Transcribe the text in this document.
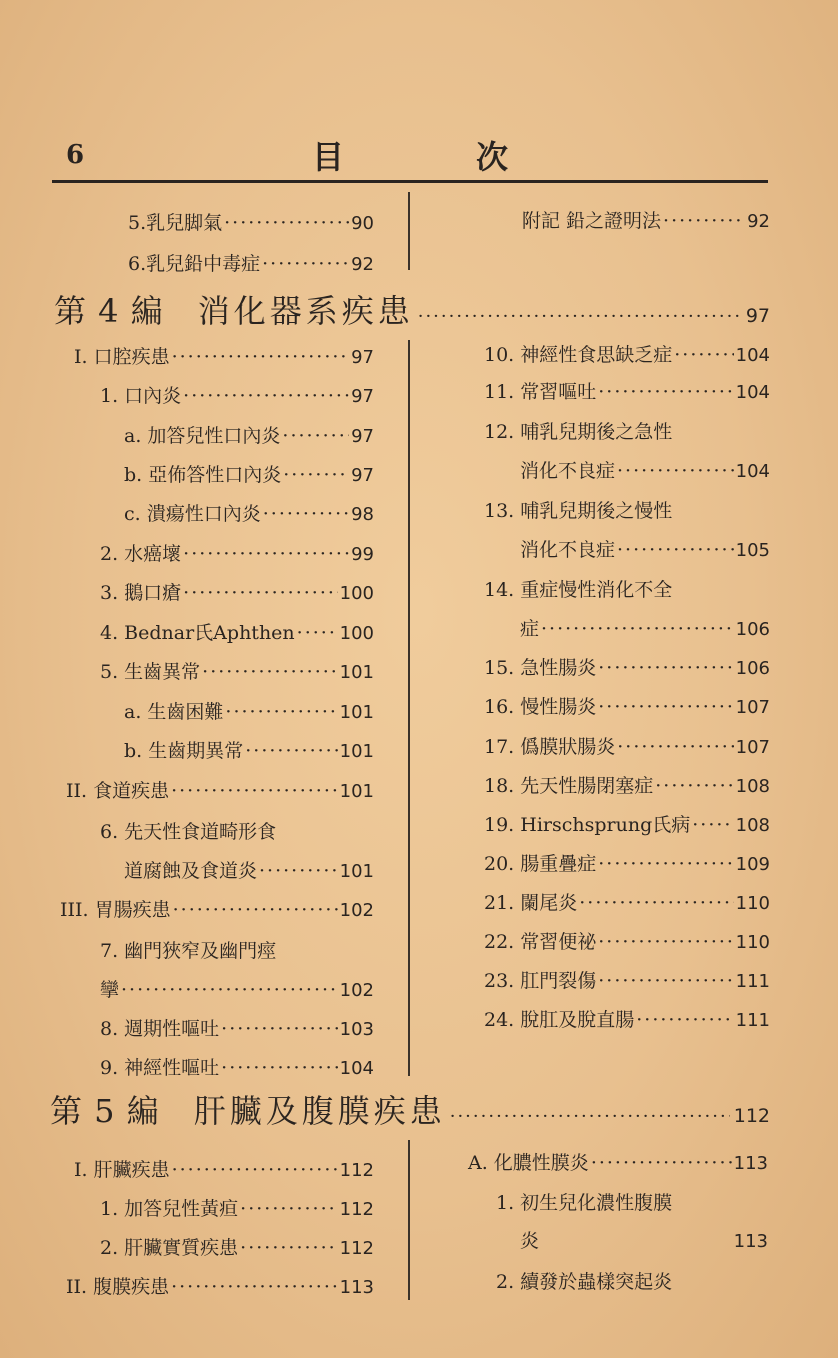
6	目	次
5.乳兒脚氣 ·····	90
6.乳兒鉛中毒症 ·····	92
附記 鉛之證明法 ·····	92
第 4 編 消化器系疾患 ·····	97
I. 口腔疾患 ·····	97
1. 口內炎 ·····	97
a. 加答兒性口內炎 ·····	97
b. 亞佈答性口內炎 ·····	97
c. 潰瘍性口內炎 ·····	98
2. 水癌壞 ·····	99
3. 鵝口瘡 ·····	100
4. Bednar氏Aphthen ····· 100
5. 生齒異常 ·····	101
a. 生齒困難 ·····	101
b. 生齒期異常 ·····	101
II. 食道疾患 ·····	101
6. 先天性食道畸形食
道腐蝕及食道炎 ·····	101
III. 胃腸疾患 ·····	102
7. 幽門狹窄及幽門痙
攣 ·····	102
8. 週期性嘔吐 ·····	103
9. 神經性嘔吐 ·····	104
10. 神經性食思缺乏症 ·····	104
11. 常習嘔吐 ·····	104
12. 哺乳兒期後之急性
消化不良症 ·····	104
13. 哺乳兒期後之慢性
消化不良症 ·····	105
14. 重症慢性消化不全
症 ·····	106
15. 急性腸炎 ·····	106
16. 慢性腸炎 ·····	107
17. 僞膜狀腸炎 ·····	107
18. 先天性腸閉塞症 ·····	108
19. Hirschsprung氏病 ·····	108
20. 腸重疊症 ·····	109
21. 闌尾炎 ·····	110
22. 常習便祕 ·····	110
23. 肛門裂傷 ·····	111
24. 脫肛及脫直腸 ·····	111
第 5 編 肝臟及腹膜疾患 ·····	112
I. 肝臟疾患 ·····	112
1. 加答兒性黃疸 ·····	112
2. 肝臟實質疾患 ·····	112
II. 腹膜疾患 ·····	113
A. 化膿性膜炎 ·····	113
1. 初生兒化濃性腹膜
炎	113
2. 續發於蟲樣突起炎
